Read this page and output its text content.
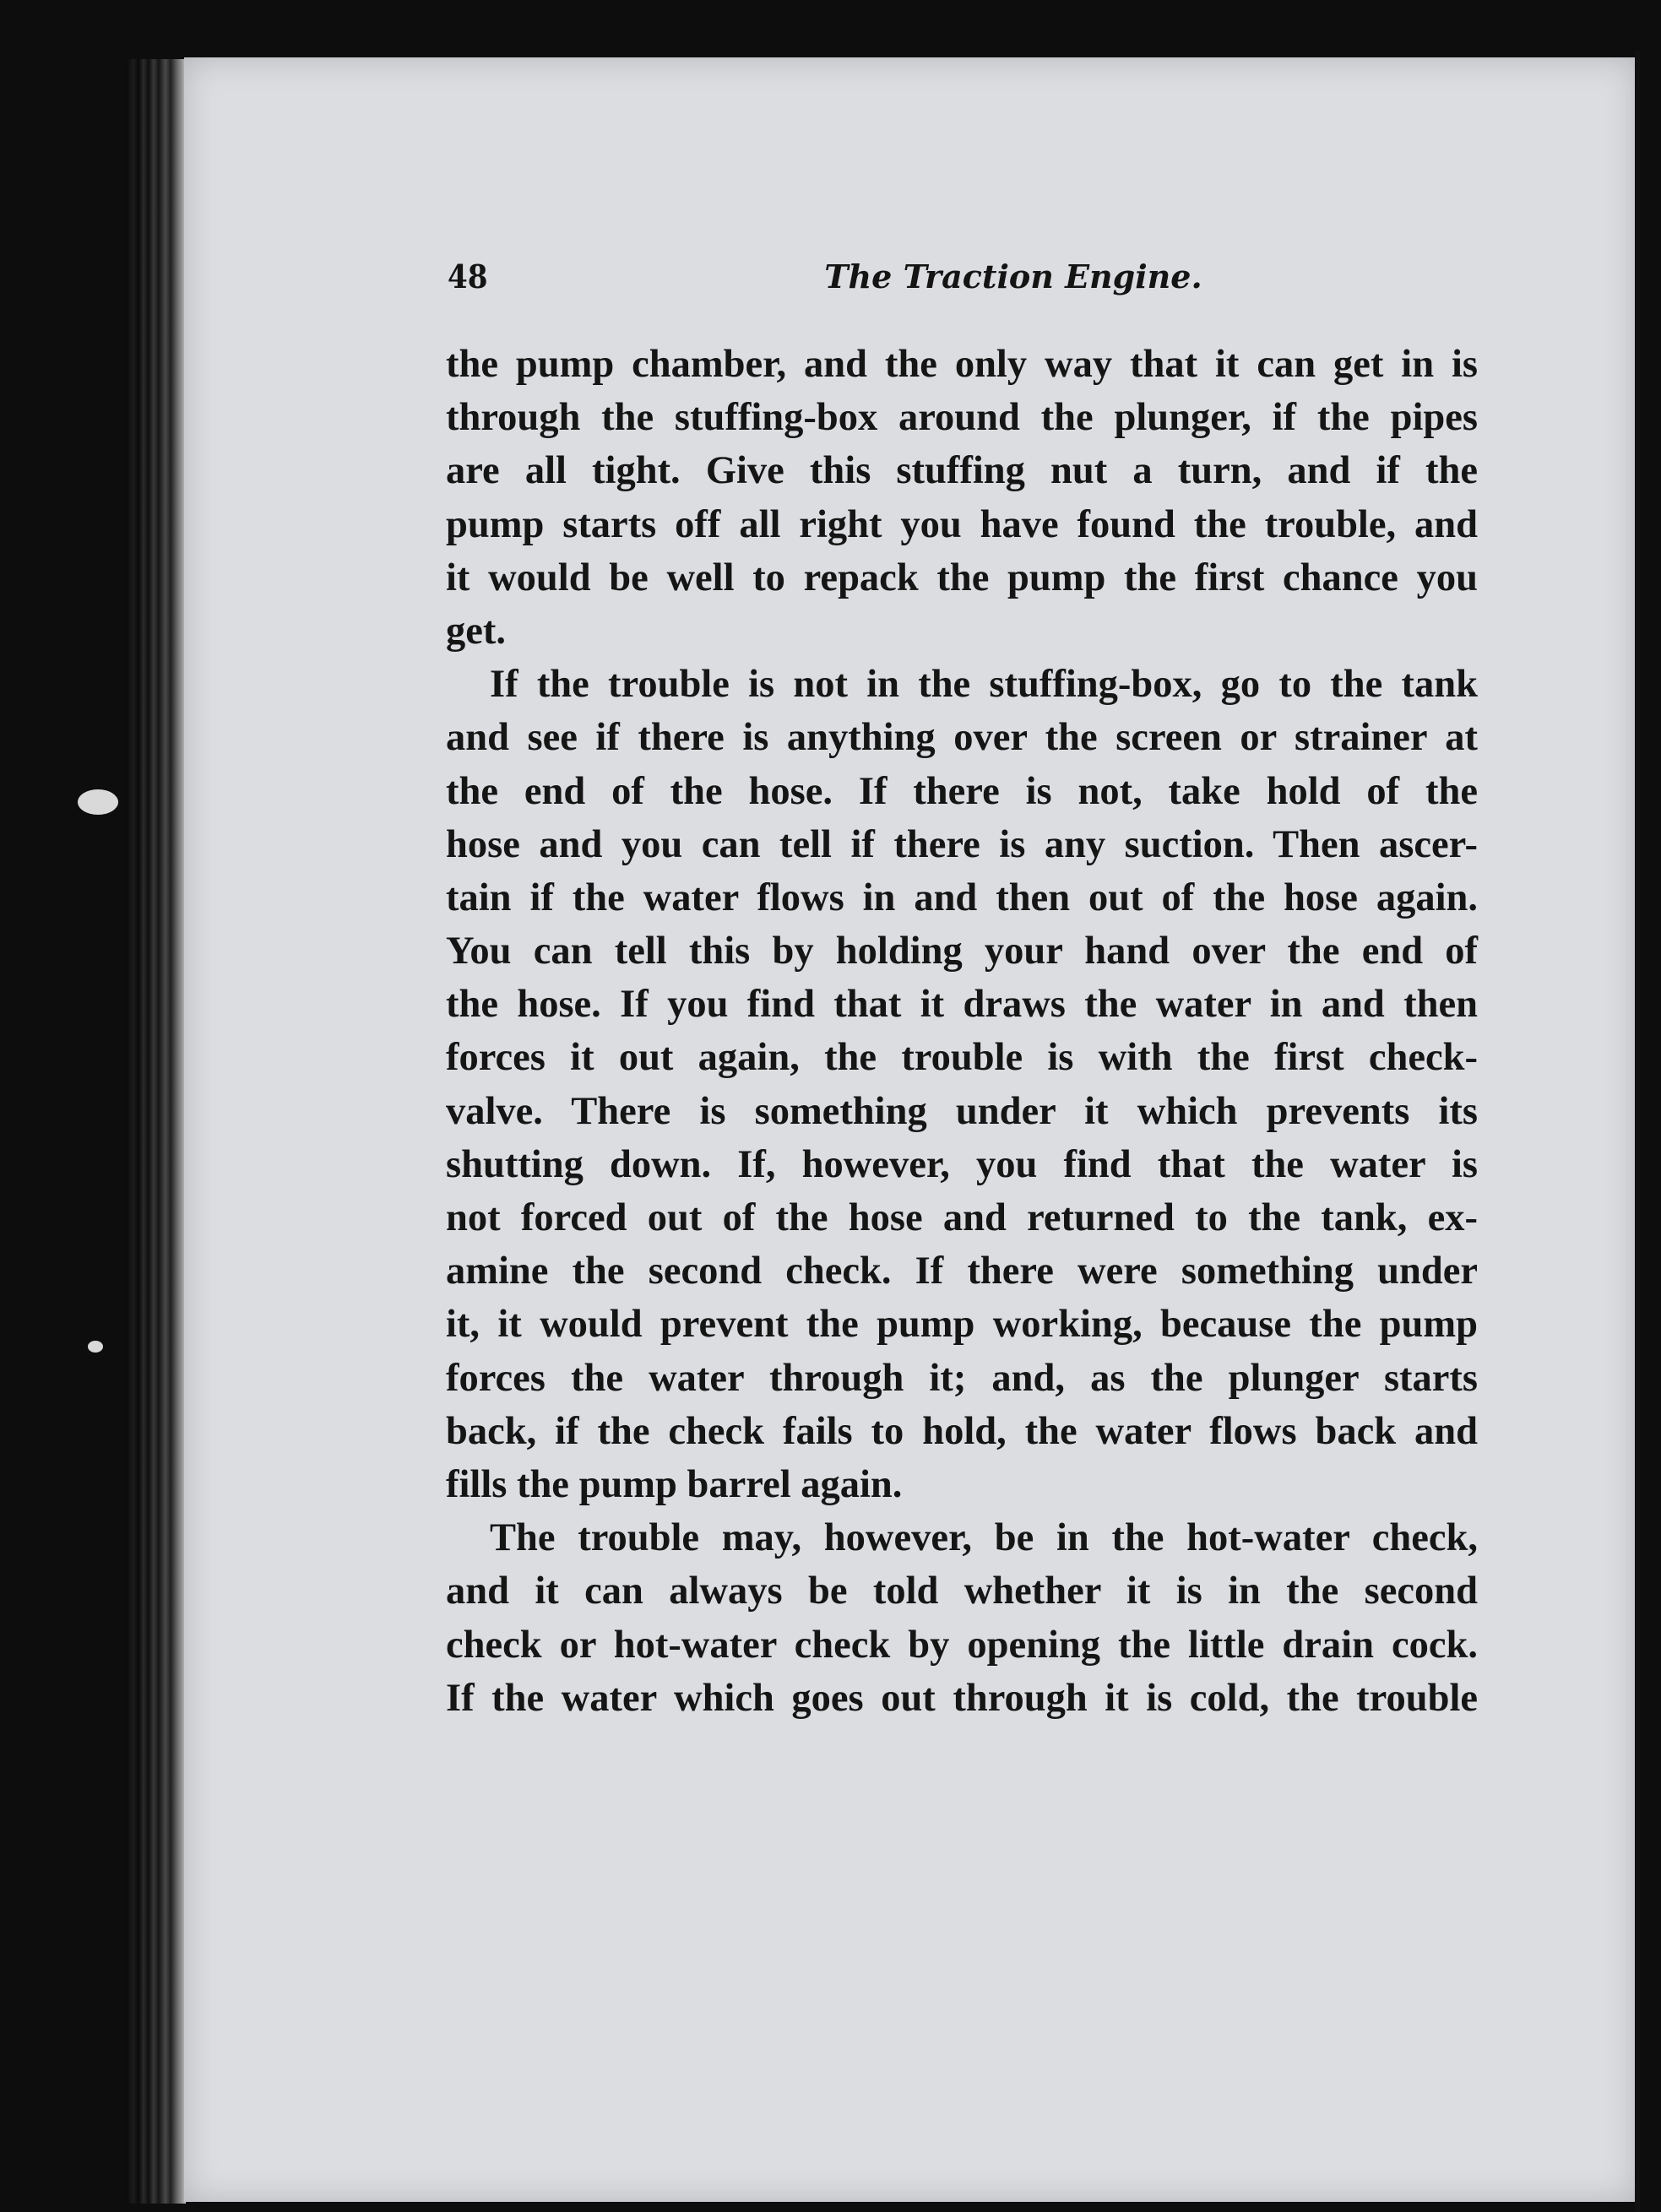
48	The Traction Engine.
the pump chamber, and the only way that it can get in is
through the stuffing-box around the plunger, if the pipes
are all tight. Give this stuffing nut a turn, and if the
pump starts off all right you have found the trouble, and
it would be well to repack the pump the first chance you
get.
If the trouble is not in the stuffing-box, go to the tank
and see if there is anything over the screen or strainer at
the end of the hose. If there is not, take hold of the
hose and you can tell if there is any suction. Then ascer-
tain if the water flows in and then out of the hose again.
You can tell this by holding your hand over the end of
the hose. If you find that it draws the water in and then
forces it out again, the trouble is with the first check-
valve. There is something under it which prevents its
shutting down. If, however, you find that the water is
not forced out of the hose and returned to the tank, ex-
amine the second check. If there were something under
it, it would prevent the pump working, because the pump
forces the water through it; and, as the plunger starts
back, if the check fails to hold, the water flows back and
fills the pump barrel again.
The trouble may, however, be in the hot-water check,
and it can always be told whether it is in the second
check or hot-water check by opening the little drain cock.
If the water which goes out through it is cold, the trouble
